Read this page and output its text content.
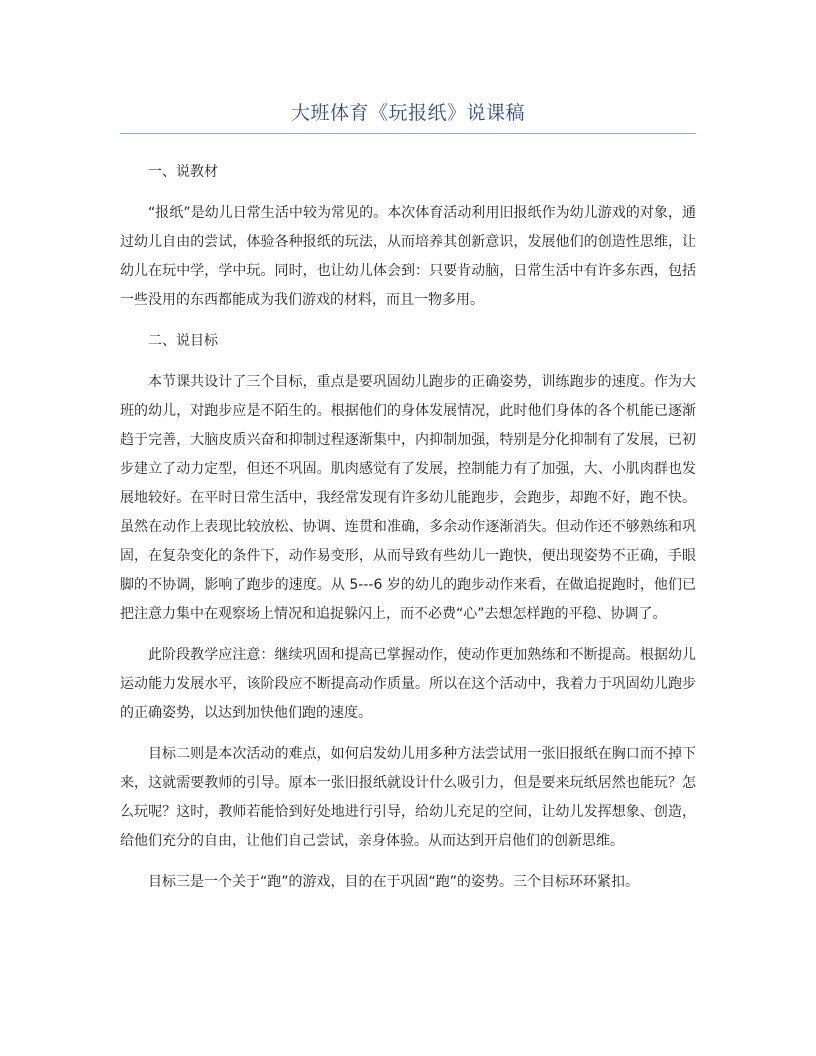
大班体育《玩报纸》说课稿

一、说教材

“报纸”是幼儿日常生活中较为常见的。本次体育活动利用旧报纸作为幼儿游戏的对象，通过幼儿自由的尝试，体验各种报纸的玩法，从而培养其创新意识，发展他们的创造性思维，让幼儿在玩中学，学中玩。同时，也让幼儿体会到：只要肯动脑，日常生活中有许多东西，包括一些没用的东西都能成为我们游戏的材料，而且一物多用。

二、说目标

本节课共设计了三个目标，重点是要巩固幼儿跑步的正确姿势，训练跑步的速度。作为大班的幼儿，对跑步应是不陌生的。根据他们的身体发展情况，此时他们身体的各个机能已逐渐趋于完善，大脑皮质兴奋和抑制过程逐渐集中，内抑制加强，特别是分化抑制有了发展，已初步建立了动力定型，但还不巩固。肌肉感觉有了发展，控制能力有了加强，大、小肌肉群也发展地较好。在平时日常生活中，我经常发现有许多幼儿能跑步，会跑步，却跑不好，跑不快。虽然在动作上表现比较放松、协调、连贯和准确，多余动作逐渐消失。但动作还不够熟练和巩固，在复杂变化的条件下，动作易变形，从而导致有些幼儿一跑快，便出现姿势不正确，手眼脚的不协调，影响了跑步的速度。从 5---6 岁的幼儿的跑步动作来看，在做追捉跑时，他们已把注意力集中在观察场上情况和追捉躲闪上，而不必费“心”去想怎样跑的平稳、协调了。

此阶段教学应注意：继续巩固和提高已掌握动作，使动作更加熟练和不断提高。根据幼儿运动能力发展水平，该阶段应不断提高动作质量。所以在这个活动中，我着力于巩固幼儿跑步的正确姿势，以达到加快他们跑的速度。

目标二则是本次活动的难点，如何启发幼儿用多种方法尝试用一张旧报纸在胸口而不掉下来，这就需要教师的引导。原本一张旧报纸就设计什么吸引力，但是要来玩纸居然也能玩？怎么玩呢？这时，教师若能恰到好处地进行引导，给幼儿充足的空间，让幼儿发挥想象、创造，给他们充分的自由，让他们自己尝试，亲身体验。从而达到开启他们的创新思维。

目标三是一个关于“跑”的游戏，目的在于巩固“跑”的姿势。三个目标环环紧扣。
